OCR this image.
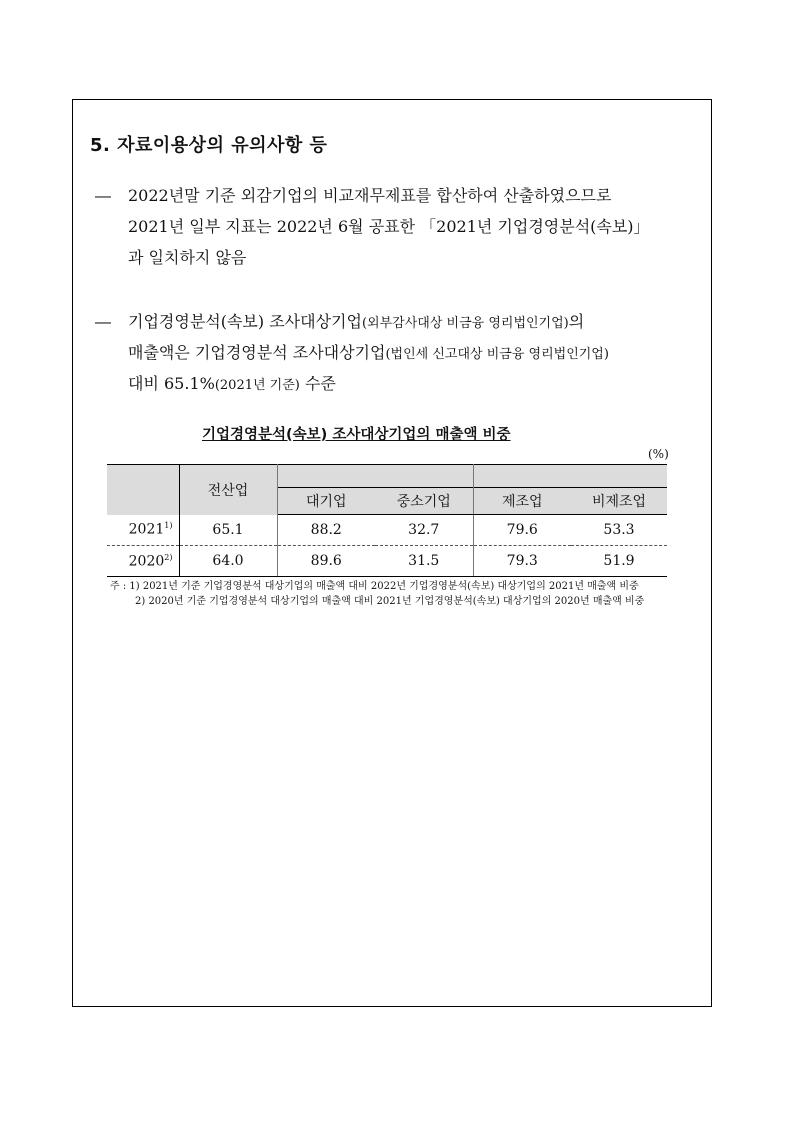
5. 자료이용상의 유의사항 등
― 2022년말 기준 외감기업의 비교재무제표를 합산하여 산출하였으므로
2021년 일부 지표는 2022년 6월 공표한 「2021년 기업경영분석(속보)」
과 일치하지 않음
― 기업경영분석(속보) 조사대상기업(외부감사대상 비금융 영리법인기업)의
매출액은 기업경영분석 조사대상기업(법인세 신고대상 비금융 영리법인기업)
대비 65.1%(2021년 기준) 수준
기업경영분석(속보) 조사대상기업의 매출액 비중
(%)
	전산업				
		대기업	중소기업	제조업	비제조업
2021$^{1)}$	65.1	88.2	32.7	79.6	53.3
2020$^{2)}$	64.0	89.6	31.5	79.3	51.9
주 : 1) 2021년 기준 기업경영분석 대상기업의 매출액 대비 2022년 기업경영분석(속보) 대상기업의 2021년 매출액 비중
2) 2020년 기준 기업경영분석 대상기업의 매출액 대비 2021년 기업경영분석(속보) 대상기업의 2020년 매출액 비중
